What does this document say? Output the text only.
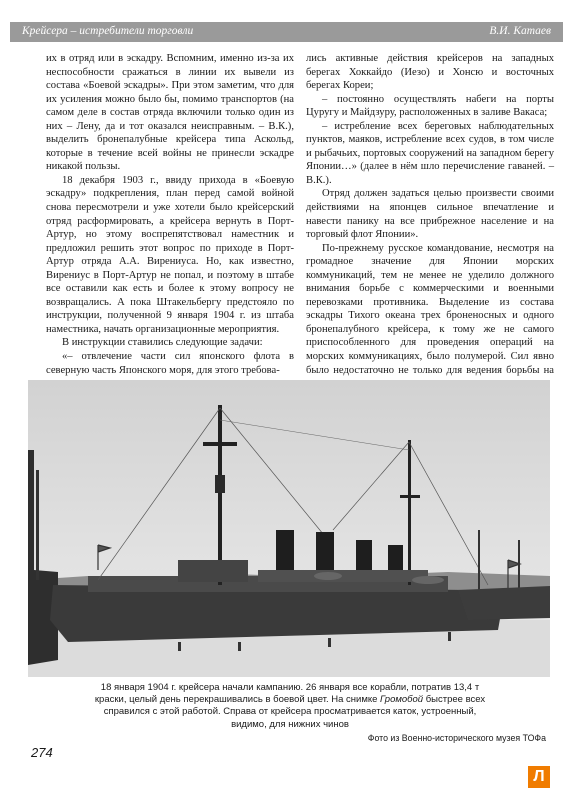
Крейсера – истребители торговли	В.И. Катаев

их в отряд или в эскадру. Вспомним, именно из-за их неспособности сражаться в линии их вывели из состава «Боевой эскадры». При этом заметим, что для их усиления можно было бы, помимо транспортов (на самом деле в состав отряда включили только один из них – Лену, да и тот оказался неисправным. – В.К.), выделить бронепалубные крейсера типа Аскольд, которые в течение всей войны не принесли эскадре никакой пользы.

18 декабря 1903 г., ввиду прихода в «Боевую эскадру» подкрепления, план перед самой войной снова пересмотрели и уже хотели было крейсерский отряд расформировать, а крейсера вернуть в Порт-Артур, но этому воспрепятствовал наместник и предложил решить этот вопрос по приходе в Порт-Артур отряда А.А. Вирениуса. Но, как известно, Вирениус в Порт-Артур не попал, и поэтому в штабе все оставили как есть и более к этому вопросу не возвращались. А пока Штакельбергу предстояло по инструкции, полученной 9 января 1904 г. из штаба наместника, начать организационные мероприятия.

В инструкции ставились следующие задачи:

«– отвлечение части сил японского флота в северную часть Японского моря, для этого требова-

лись активные действия крейсеров на западных берегах Хоккайдо (Иезо) и Хонсю и восточных берегах Кореи;

– постоянно осуществлять набеги на порты Цуругу и Майдзуру, расположенных в заливе Вакаса;

– истребление всех береговых наблюдательных пунктов, маяков, истребление всех судов, в том числе и рыбачьих, портовых сооружений на западном берегу Японии…» (далее в нём шло перечисление гаваней. – В.К.).

Отряд должен задаться целью произвести своими действиями на японцев сильное впечатление и навести панику на все прибрежное население и на торговый флот Японии».

По-прежнему русское командование, несмотря на громадное значение для Японии морских коммуникаций, тем не менее не уделило должного внимания борьбе с коммерческими и военными перевозками противника. Выделение из состава эскадры Тихого океана трех броненосных и одного бронепалубного крейсера, к тому же не самого приспособленного для проведения операций на морских коммуникациях, было полумерой. Сил явно было недостаточно не только для ведения борьбы на

18 января 1904 г. крейсера начали кампанию. 26 января все корабли, потратив 13,4 т краски, целый день перекрашивались в боевой цвет. На снимке Громобой быстрее всех справился с этой работой. Справа от крейсера просматривается каток, устроенный, видимо, для нижних чинов
Фото из Военно-исторического музея ТОФа
274
Л
